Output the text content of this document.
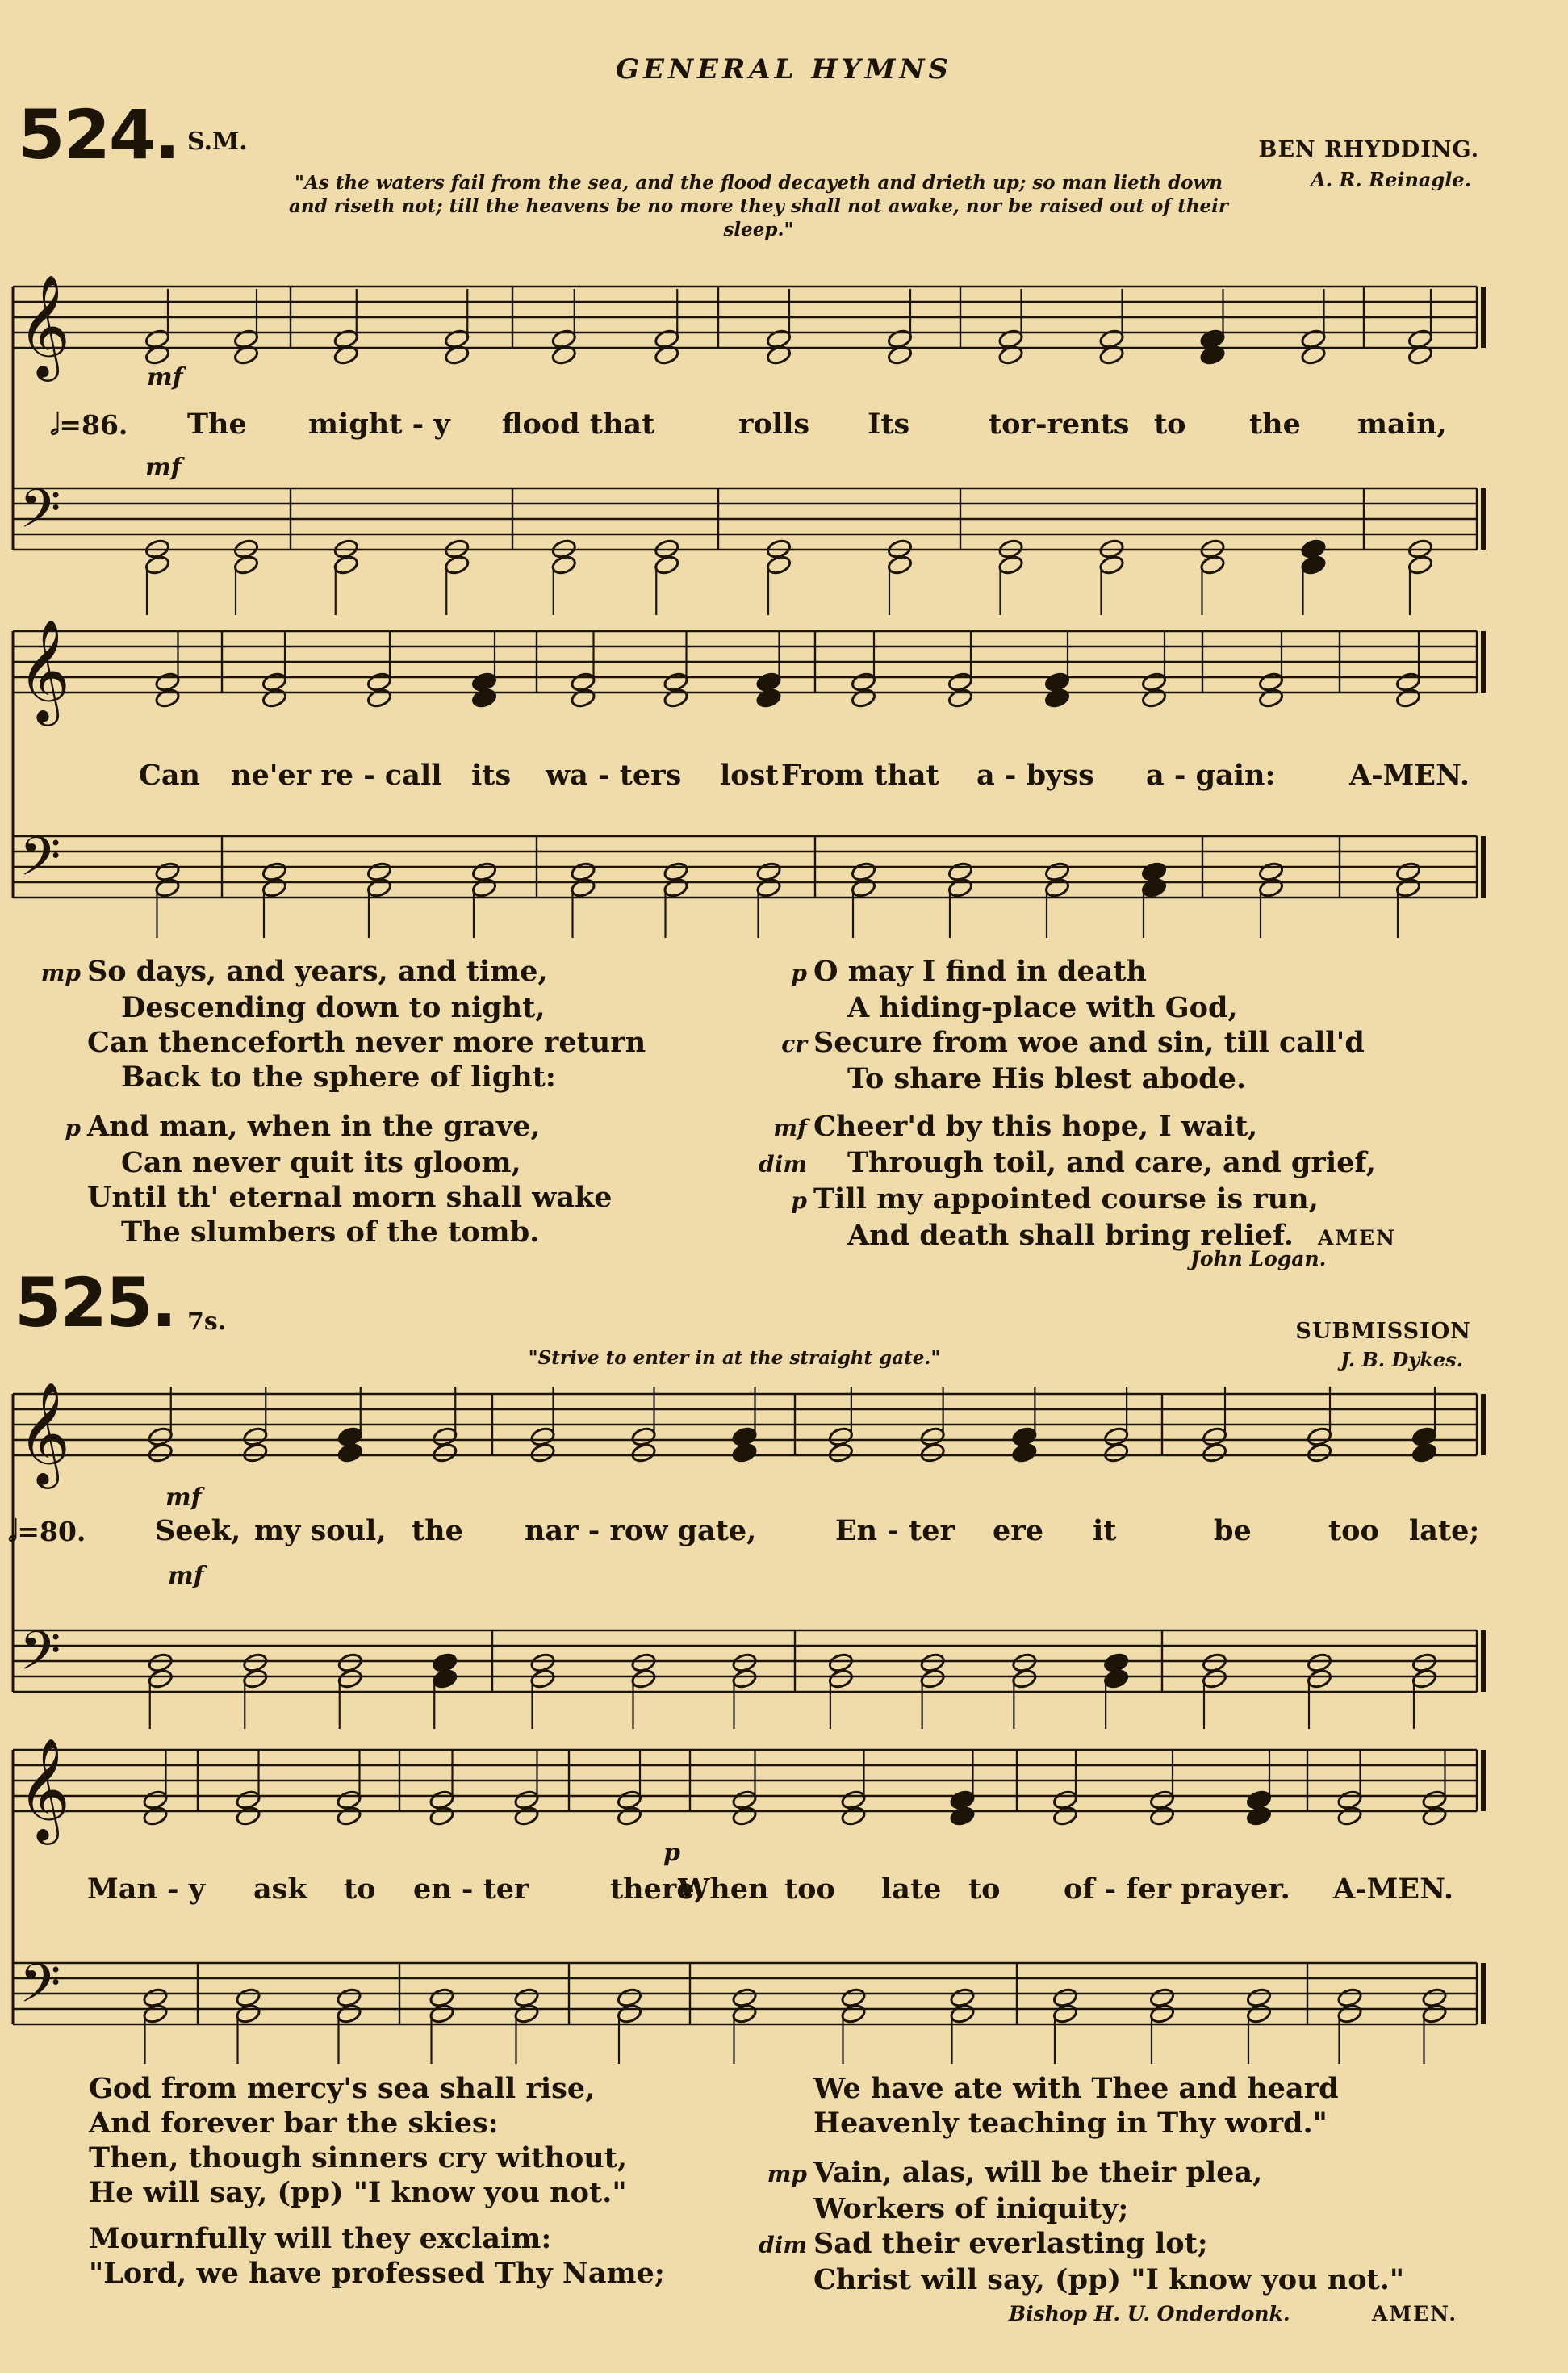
GENERAL HYMNS
524. S.M.	BEN RHYDDING.
A. R. Reinagle.
"As the waters fail from the sea, and the flood decayeth and drieth up; so man lieth down and riseth not; till the heavens be no more they shall not awake, nor be raised out of their sleep."
𝄞
𝄢
𝄞
𝄢
𝄞
𝄢
𝄞
𝄢
mf
𝅗𝅥=86.
mf
The might - y flood that	rolls Its	tor-rents to the main,
Can ne'er re - call its wa - ters lost From that a - byss a - gain:	A-MEN.
mp So days, and years, and time,
Descending down to night,
Can thenceforth never more return
Back to the sphere of light:
p And man, when in the grave,
Can never quit its gloom,
Until th' eternal morn shall wake
The slumbers of the tomb.
p O may I find in death
A hiding-place with God,
cr Secure from woe and sin, till call'd
To share His blest abode.
mf Cheer'd by this hope, I wait,
dim Through toil, and care, and grief,
p Till my appointed course is run,
And death shall bring relief. AMEN
John Logan.
525. 7s.	SUBMISSION
J. B. Dykes.
"Strive to enter in at the straight gate."
mf
𝅗𝅥=80.
mf
p
Seek, my soul, the nar - row gate,	En - ter ere it	be	too late;
Man - y ask to en - ter	there,
When too late to of - fer prayer. A-MEN.
God from mercy's sea shall rise,
And forever bar the skies:
Then, though sinners cry without,
He will say, (pp) "I know you not."
Mournfully will they exclaim:
"Lord, we have professed Thy Name;
We have ate with Thee and heard
Heavenly teaching in Thy word."
mp Vain, alas, will be their plea,
Workers of iniquity;
dim Sad their everlasting lot;
Christ will say, (pp) "I know you not."
Bishop H. U. Onderdonk.	AMEN.
